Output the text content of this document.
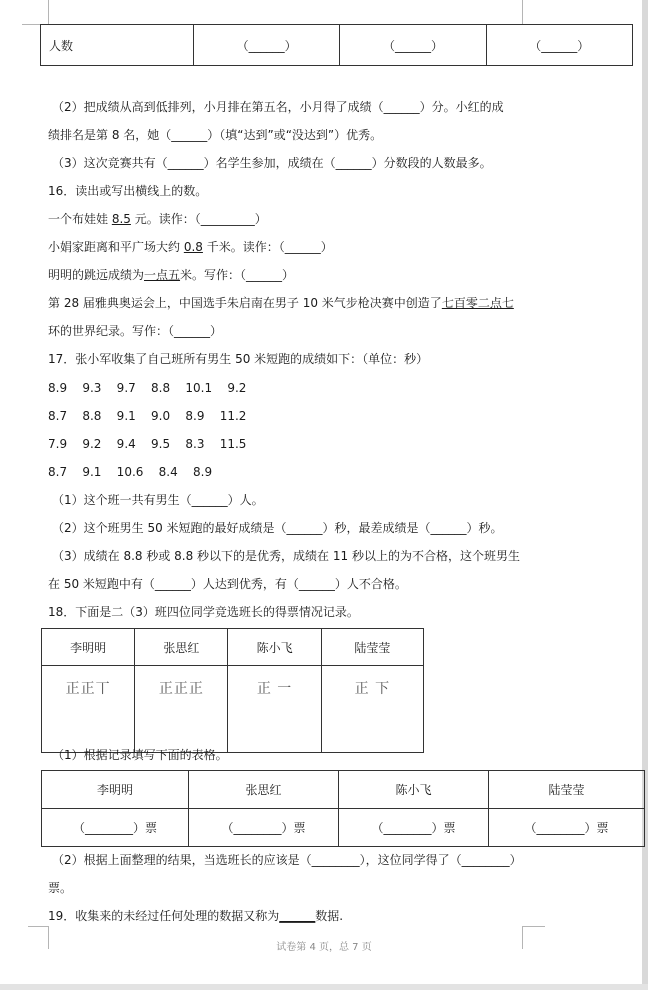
人数	（______）	（______）	（______）
（2）把成绩从高到低排列，小月排在第五名，小月得了成绩（______）分。小红的成
绩排名是第 8 名，她（______）（填“达到”或“没达到”）优秀。
（3）这次竞赛共有（______）名学生参加，成绩在（______）分数段的人数最多。
16．读出或写出横线上的数。
一个布娃娃 8.5 元。读作：（_________）
小娟家距离和平广场大约 0.8 千米。读作：（______）
明明的跳远成绩为一点五米。写作：（______）
第 28 届雅典奥运会上，中国选手朱启南在男子 10 米气步枪决赛中创造了七百零二点七
环的世界纪录。写作：（______）
17．张小军收集了自己班所有男生 50 米短跑的成绩如下：（单位：秒）
8.9    9.3    9.7    8.8    10.1    9.2
8.7    8.8    9.1    9.0    8.9    11.2
7.9    9.2    9.4    9.5    8.3    11.5
8.7    9.1    10.6    8.4    8.9
（1）这个班一共有男生（______）人。
（2）这个班男生 50 米短跑的最好成绩是（______）秒，最差成绩是（______）秒。
（3）成绩在 8.8 秒或 8.8 秒以下的是优秀，成绩在 11 秒以上的为不合格，这个班男生
在 50 米短跑中有（______）人达到优秀，有（______）人不合格。
18．下面是二（3）班四位同学竞选班长的得票情况记录。
李明明	张思红	陈小飞	陆莹莹
正正丅	正正正	正 一	正 下
（1）根据记录填写下面的表格。
李明明	张思红	陈小飞	陆莹莹
（________）票	（________）票	（________）票	（________）票
（2）根据上面整理的结果，当选班长的应该是（________），这位同学得了（________）
票。
19．收集来的未经过任何处理的数据又称为______数据.
试卷第 4 页，总 7 页
